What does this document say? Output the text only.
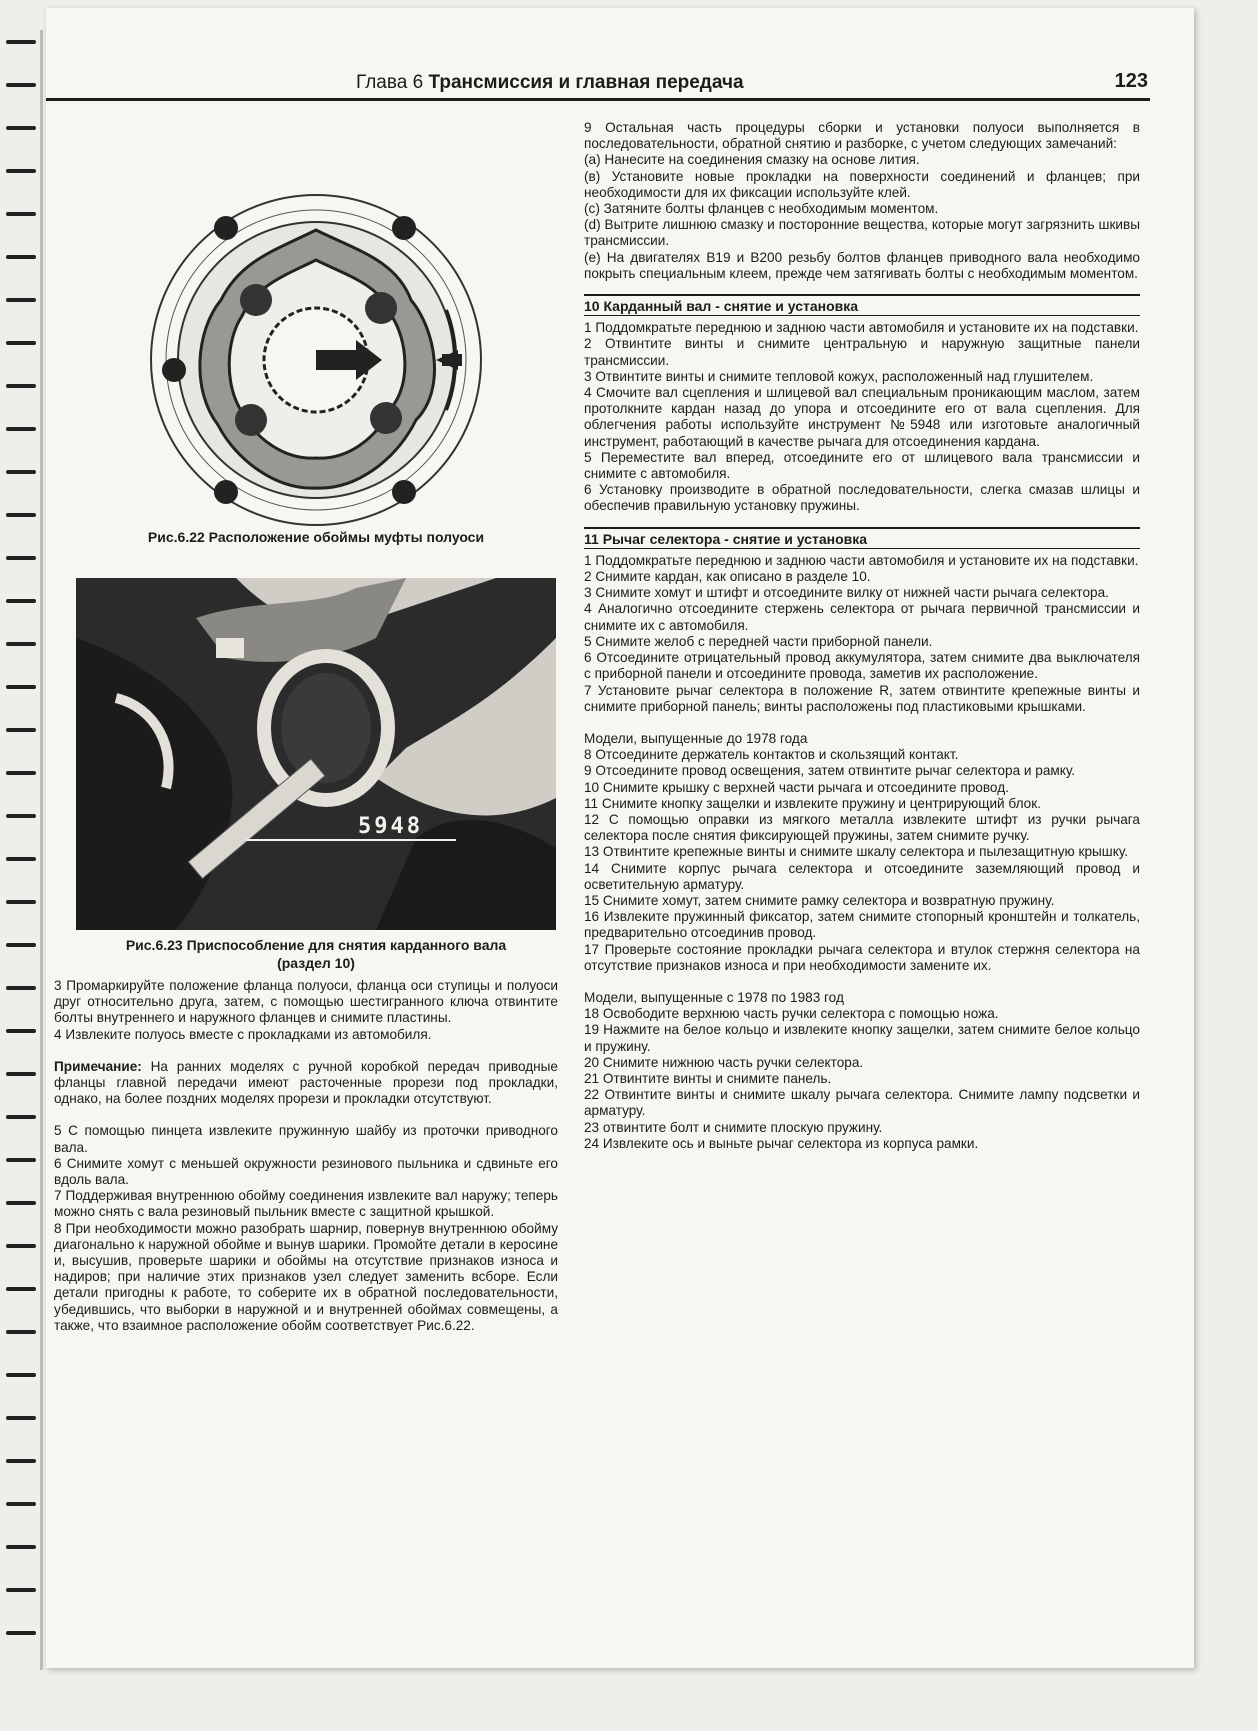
Глава 6 Трансмиссия и главная передача	123
Рис.6.22 Расположение обоймы муфты полуоси
5948
Рис.6.23 Приспособление для снятия карданного вала
(раздел 10)

3 Промаркируйте положение фланца полуоси, фланца оси ступицы и полуоси друг относительно друга, затем, с помощью шестигранного ключа отвинтите болты внутреннего и наружного фланцев и снимите пластины.

4 Извлеките полуось вместе с прокладками из автомобиля.

Примечание: На ранних моделях с ручной коробкой передач приводные фланцы главной передачи имеют расточенные прорези под прокладки, однако, на более поздних моделях прорези и прокладки отсутствуют.

5 С помощью пинцета извлеките пружинную шайбу из проточки приводного вала.

6 Снимите хомут с меньшей окружности резинового пыльника и сдвиньте его вдоль вала.

7 Поддерживая внутреннюю обойму соединения извлеките вал наружу; теперь можно снять с вала резиновый пыльник вместе с защитной крышкой.

8 При необходимости можно разобрать шарнир, повернув внутреннюю обойму диагонально к наружной обойме и вынув шарики. Промойте детали в керосине и, высушив, проверьте шарики и обоймы на отсутствие признаков износа и надиров; при наличие этих признаков узел следует заменить всборе. Если детали пригодны к работе, то соберите их в обратной последовательности, убедившись, что выборки в наружной и и внутренней обоймах совмещены, а также, что взаимное расположение обойм соответствует Рис.6.22.

9 Остальная часть процедуры сборки и установки полуоси выполняется в последовательности, обратной снятию и разборке, с учетом следующих замечаний:

(а) Нанесите на соединения смазку на основе лития.

(в) Установите новые прокладки на поверхности соединений и фланцев; при необходимости для их фиксации используйте клей.

(с) Затяните болты фланцев с необходимым моментом.

(d) Вытрите лишнюю смазку и посторонние вещества, которые могут загрязнить шкивы трансмиссии.

(е) На двигателях В19 и В200 резьбу болтов фланцев приводного вала необходимо покрыть специальным клеем, прежде чем затягивать болты с необходимым моментом.

10 Карданный вал - снятие и установка

1 Поддомкратьте переднюю и заднюю части автомобиля и установите их на подставки.

2 Отвинтите винты и снимите центральную и наружную защитные панели трансмиссии.

3 Отвинтите винты и снимите тепловой кожух, расположенный над глушителем.

4 Смочите вал сцепления и шлицевой вал специальным проникающим маслом, затем протолкните кардан назад до упора и отсоедините его от вала сцепления. Для облегчения работы используйте инструмент №5948 или изготовьте аналогичный инструмент, работающий в качестве рычага для отсоединения кардана.

5 Переместите вал вперед, отсоедините его от шлицевого вала трансмиссии и снимите с автомобиля.

6 Установку производите в обратной последовательности, слегка смазав шлицы и обеспечив правильную установку пружины.

11 Рычаг селектора - снятие и установка

1 Поддомкратьте переднюю и заднюю части автомобиля и установите их на подставки.

2 Снимите кардан, как описано в разделе 10.

3 Снимите хомут и штифт и отсоедините вилку от нижней части рычага селектора.

4 Аналогично отсоедините стержень селектора от рычага первичной трансмиссии и снимите их с автомобиля.

5 Снимите желоб с передней части приборной панели.

6 Отсоедините отрицательный провод аккумулятора, затем снимите два выключателя с приборной панели и отсоедините провода, заметив их расположение.

7 Установите рычаг селектора в положение R, затем отвинтите крепежные винты и снимите приборной панель; винты расположены под пластиковыми крышками.

Модели, выпущенные до 1978 года

8 Отсоедините держатель контактов и скользящий контакт.

9 Отсоедините провод освещения, затем отвинтите рычаг селектора и рамку.

10 Снимите крышку с верхней части рычага и отсоедините провод.

11 Снимите кнопку защелки и извлеките пружину и центрирующий блок.

12 С помощью оправки из мягкого металла извлеките штифт из ручки рычага селектора после снятия фиксирующей пружины, затем снимите ручку.

13 Отвинтите крепежные винты и снимите шкалу селектора и пылезащитную крышку.

14 Снимите корпус рычага селектора и отсоедините заземляющий провод и осветительную арматуру.

15 Снимите хомут, затем снимите рамку селектора и возвратную пружину.

16 Извлеките пружинный фиксатор, затем снимите стопорный кронштейн и толкатель, предварительно отсоединив провод.

17 Проверьте состояние прокладки рычага селектора и втулок стержня селектора на отсутствие признаков износа и при необходимости замените их.

Модели, выпущенные с 1978 по 1983 год

18 Освободите верхнюю часть ручки селектора с помощью ножа.

19 Нажмите на белое кольцо и извлеките кнопку защелки, затем снимите белое кольцо и пружину.

20 Снимите нижнюю часть ручки селектора.

21 Отвинтите винты и снимите панель.

22 Отвинтите винты и снимите шкалу рычага селектора. Снимите лампу подсветки и арматуру.

23 отвинтите болт и снимите плоскую пружину.

24 Извлеките ось и выньте рычаг селектора из корпуса рамки.
